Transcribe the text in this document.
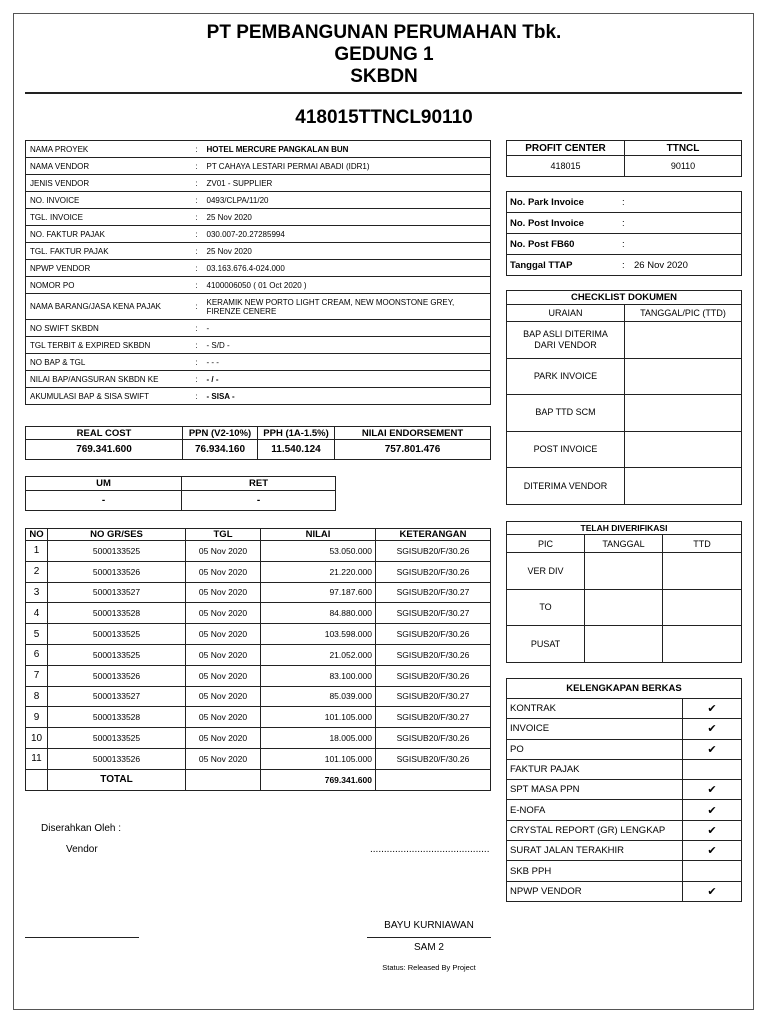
PT PEMBANGUNAN PERUMAHAN Tbk.
GEDUNG 1
SKBDN
418015TTNCL90110
NAMA PROYEK	:	HOTEL MERCURE PANGKALAN BUN
NAMA VENDOR	:	PT CAHAYA LESTARI PERMAI ABADI (IDR1)
JENIS VENDOR	:	ZV01 - SUPPLIER
NO. INVOICE	:	0493/CLPA/11/20
TGL. INVOICE	:	25 Nov 2020
NO. FAKTUR PAJAK	:	030.007-20.27285994
TGL. FAKTUR PAJAK	:	25 Nov 2020
NPWP VENDOR	:	03.163.676.4-024.000
NOMOR PO	:	4100006050 ( 01 Oct 2020 )
NAMA BARANG/JASA KENA PAJAK	:	KERAMIK NEW PORTO LIGHT CREAM, NEW MOONSTONE GREY, FIRENZE CENERE
NO SWIFT SKBDN	:	-
TGL TERBIT & EXPIRED SKBDN	:	- S/D -
NO BAP & TGL	:	- - -
NILAI BAP/ANGSURAN SKBDN KE	:	- / -
AKUMULASI BAP & SISA SWIFT	:	- SISA -
REAL COST	PPN (V2-10%)	PPH (1A-1.5%)	NILAI ENDORSEMENT
769.341.600	76.934.160	11.540.124	757.801.476
UM	RET
-	-
NO	NO GR/SES	TGL	NILAI	KETERANGAN
1	5000133525	05 Nov 2020	53.050.000	SGISUB20/F/30.26
2	5000133526	05 Nov 2020	21.220.000	SGISUB20/F/30.26
3	5000133527	05 Nov 2020	97.187.600	SGISUB20/F/30.27
4	5000133528	05 Nov 2020	84.880.000	SGISUB20/F/30.27
5	5000133525	05 Nov 2020	103.598.000	SGISUB20/F/30.26
6	5000133525	05 Nov 2020	21.052.000	SGISUB20/F/30.26
7	5000133526	05 Nov 2020	83.100.000	SGISUB20/F/30.26
8	5000133527	05 Nov 2020	85.039.000	SGISUB20/F/30.27
9	5000133528	05 Nov 2020	101.105.000	SGISUB20/F/30.27
10	5000133525	05 Nov 2020	18.005.000	SGISUB20/F/30.26
11	5000133526	05 Nov 2020	101.105.000	SGISUB20/F/30.26
	TOTAL		769.341.600	
PROFIT CENTER	TTNCL
418015	90110
No. Park Invoice	:
No. Post Invoice	:
No. Post FB60	:
Tanggal TTAP	: 26 Nov 2020
CHECKLIST DOKUMEN	
URAIAN	TANGGAL/PIC (TTD)
BAP ASLI DITERIMA DARI VENDOR	
PARK INVOICE	
BAP TTD SCM	
POST INVOICE	
DITERIMA VENDOR	
TELAH DIVERIFIKASI		
PIC	TANGGAL	TTD
VER DIV		
TO		
PUSAT		
KELENGKAPAN BERKAS	
KONTRAK	✔
INVOICE	✔
PO	✔
FAKTUR PAJAK	
SPT MASA PPN	✔
E-NOFA	✔
CRYSTAL REPORT (GR) LENGKAP	✔
SURAT JALAN TERAKHIR	✔
SKB PPH	
NPWP VENDOR	✔
Diserahkan Oleh :
Vendor	...........................................
BAYU KURNIAWAN
SAM 2
Status: Released By Project
